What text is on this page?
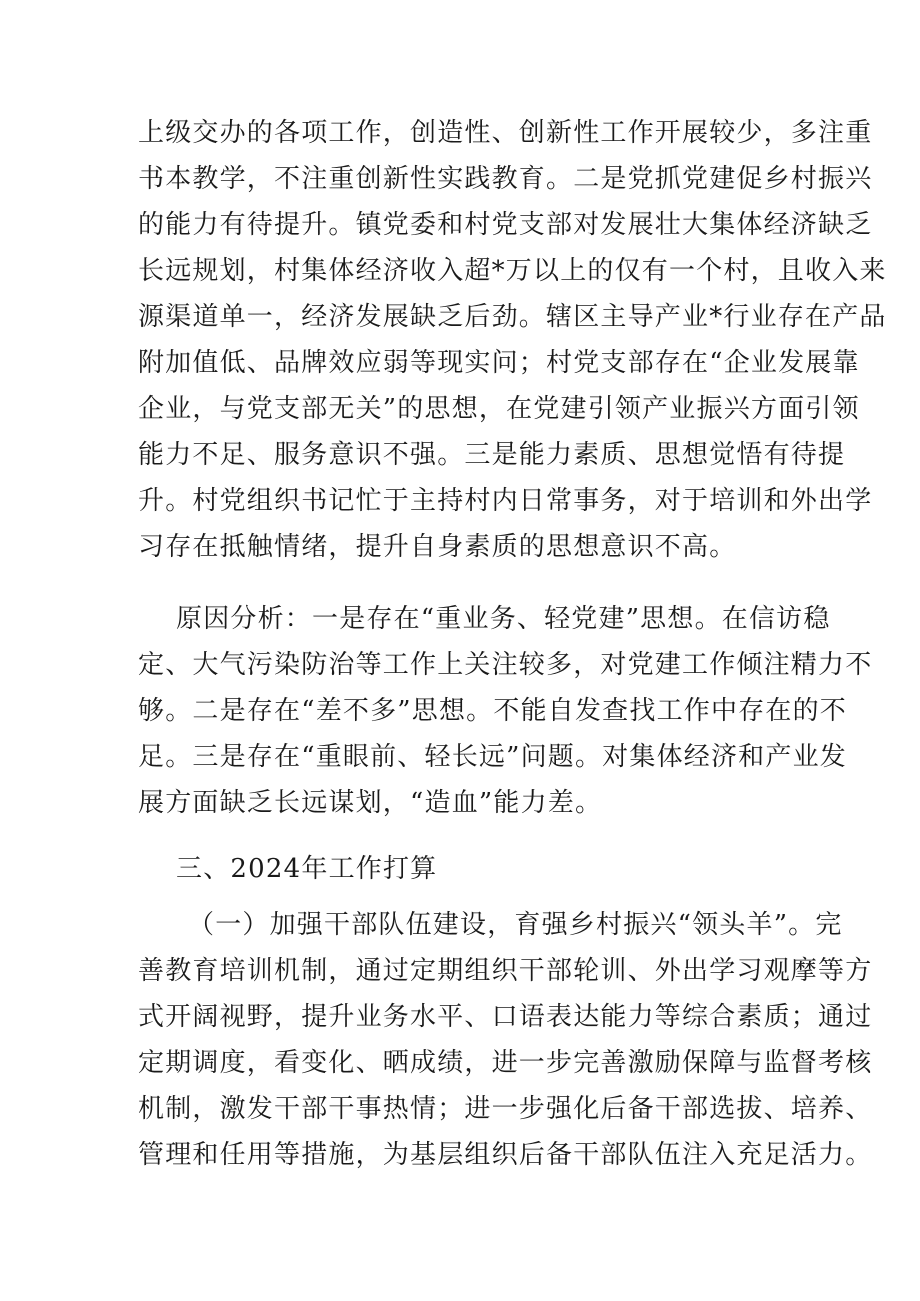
上级交办的各项工作，创造性、创新性工作开展较少，多注重

书本教学，不注重创新性实践教育。二是党抓党建促乡村振兴

的能力有待提升。镇党委和村党支部对发展壮大集体经济缺乏

长远规划，村集体经济收入超*万以上的仅有一个村，且收入来

源渠道单一，经济发展缺乏后劲。辖区主导产业*行业存在产品

附加值低、品牌效应弱等现实问；村党支部存在“企业发展靠

企业，与党支部无关”的思想，在党建引领产业振兴方面引领

能力不足、服务意识不强。三是能力素质、思想觉悟有待提

升。村党组织书记忙于主持村内日常事务，对于培训和外出学

习存在抵触情绪，提升自身素质的思想意识不高。

原因分析：一是存在“重业务、轻党建”思想。在信访稳

定、大气污染防治等工作上关注较多，对党建工作倾注精力不

够。二是存在“差不多”思想。不能自发查找工作中存在的不

足。三是存在“重眼前、轻长远”问题。对集体经济和产业发

展方面缺乏长远谋划，“造血”能力差。

三、2024年工作打算

（一）加强干部队伍建设，育强乡村振兴“领头羊”。完

善教育培训机制，通过定期组织干部轮训、外出学习观摩等方

式开阔视野，提升业务水平、口语表达能力等综合素质；通过

定期调度，看变化、晒成绩，进一步完善激励保障与监督考核

机制，激发干部干事热情；进一步强化后备干部选拔、培养、

管理和任用等措施，为基层组织后备干部队伍注入充足活力。
